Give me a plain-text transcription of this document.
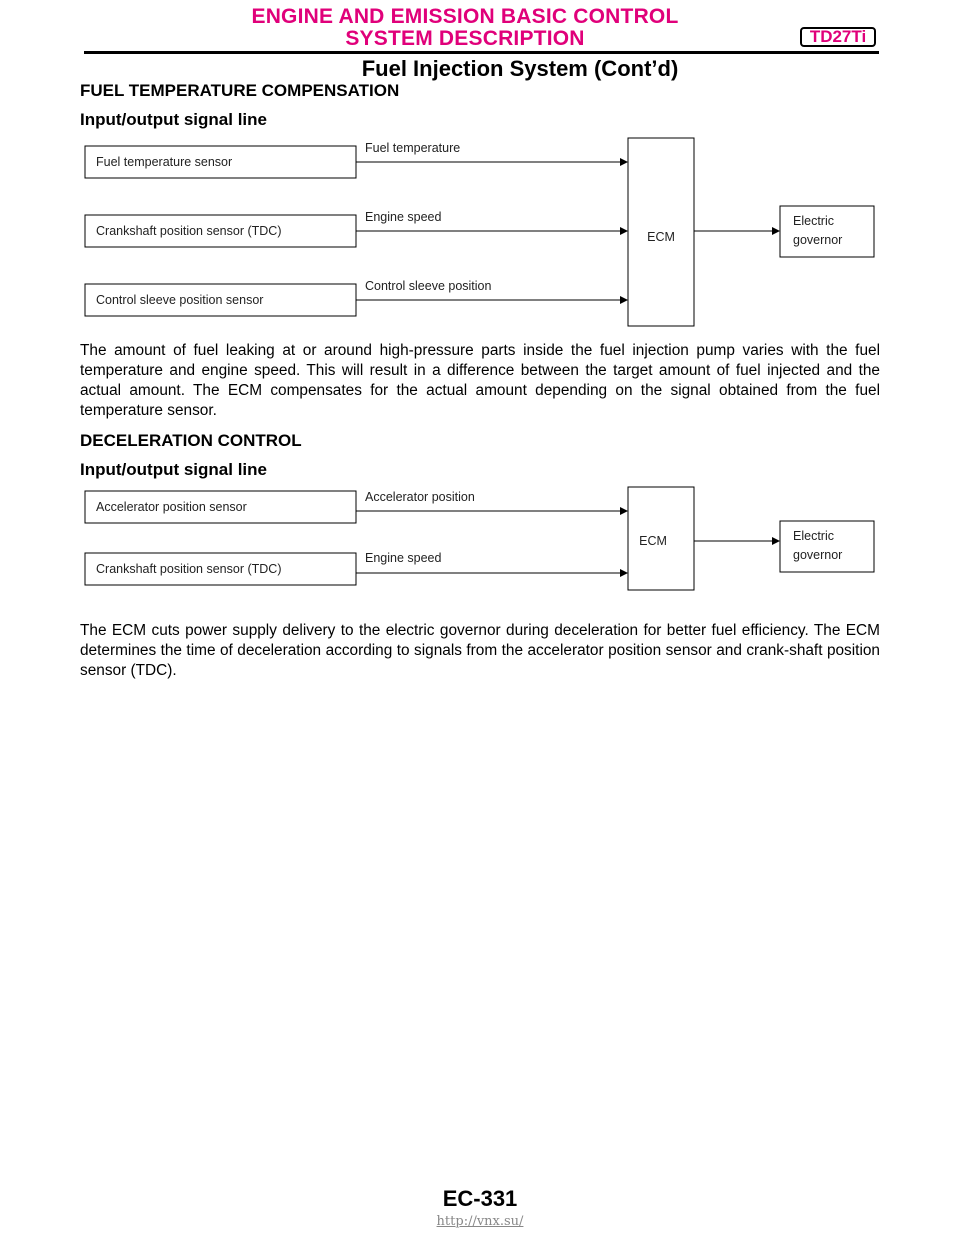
ENGINE AND EMISSION BASIC CONTROL
SYSTEM DESCRIPTION	TD27Ti
Fuel Injection System (Cont’d)
FUEL TEMPERATURE COMPENSATION
Input/output signal line
Fuel temperature sensor
Fuel temperature
Crankshaft position sensor (TDC)
Engine speed
Control sleeve position sensor
Control sleeve position
ECM
Electric
governor
Accelerator position sensor
Accelerator position
Crankshaft position sensor (TDC)
Engine speed
ECM	Electric
governor
The amount of fuel leaking at or around high-pressure parts inside the fuel injection pump varies with the fuel temperature and engine speed. This will result in a difference between the target amount of fuel injected and the actual amount. The ECM compensates for the actual amount depending on the signal obtained from the fuel temperature sensor.
DECELERATION CONTROL
Input/output signal line
The ECM cuts power supply delivery to the electric governor during deceleration for better fuel efficiency. The ECM determines the time of deceleration according to signals from the accelerator position sensor and crank-shaft position sensor (TDC).
EC-331
http://vnx.su/
